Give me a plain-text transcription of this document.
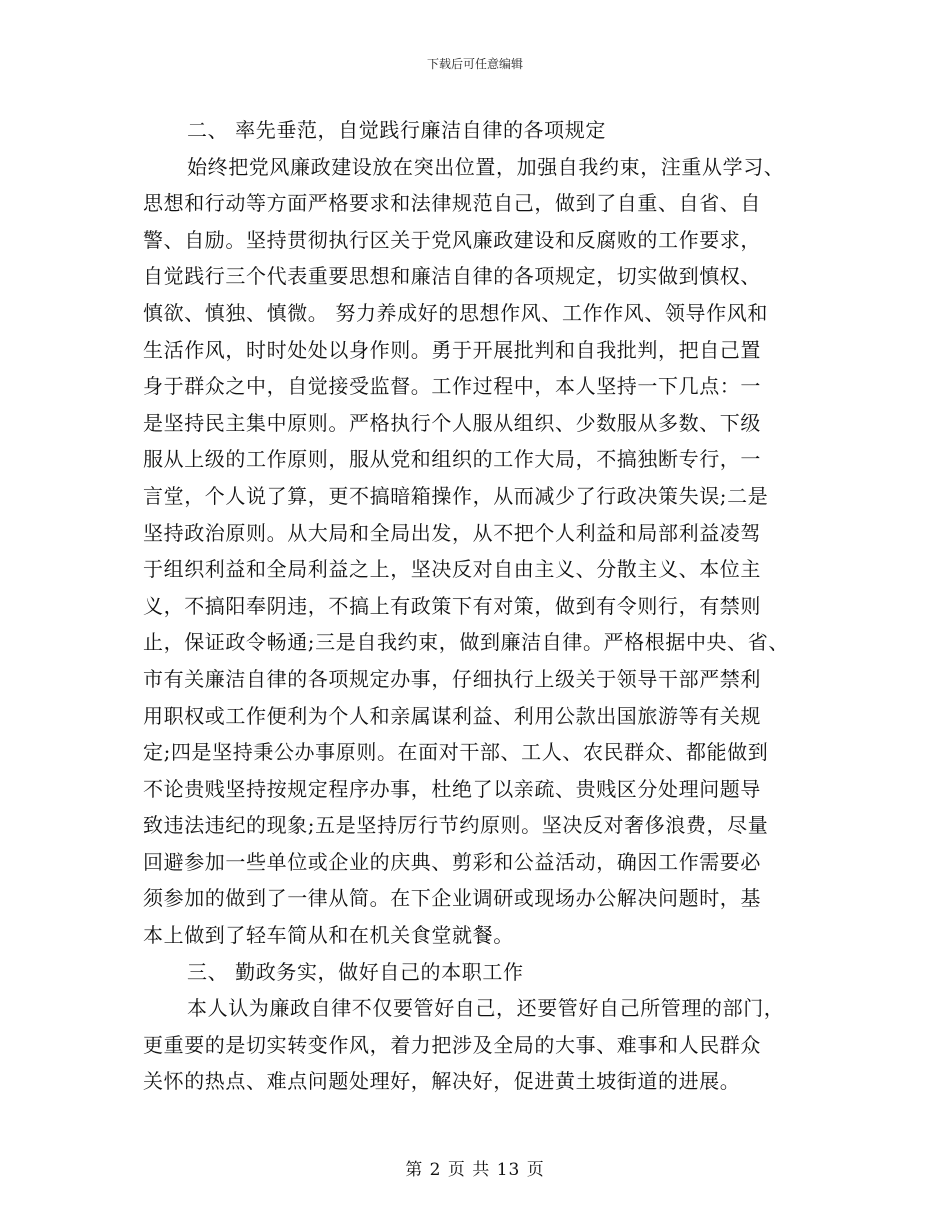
下载后可任意编辑
二、 率先垂范，自觉践行廉洁自律的各项规定
始终把党风廉政建设放在突出位置，加强自我约束，注重从学习、
思想和行动等方面严格要求和法律规范自己，做到了自重、自省、自
警、自励。坚持贯彻执行区关于党风廉政建设和反腐败的工作要求，
自觉践行三个代表重要思想和廉洁自律的各项规定，切实做到慎权、
慎欲、慎独、慎微。 努力养成好的思想作风、工作作风、领导作风和
生活作风，时时处处以身作则。勇于开展批判和自我批判，把自己置
身于群众之中，自觉接受监督。工作过程中，本人坚持一下几点：一
是坚持民主集中原则。严格执行个人服从组织、少数服从多数、下级
服从上级的工作原则，服从党和组织的工作大局，不搞独断专行，一
言堂，个人说了算，更不搞暗箱操作，从而减少了行政决策失误;二是
坚持政治原则。从大局和全局出发，从不把个人利益和局部利益凌驾
于组织利益和全局利益之上，坚决反对自由主义、分散主义、本位主
义，不搞阳奉阴违，不搞上有政策下有对策，做到有令则行，有禁则
止，保证政令畅通;三是自我约束，做到廉洁自律。严格根据中央、省、
市有关廉洁自律的各项规定办事，仔细执行上级关于领导干部严禁利
用职权或工作便利为个人和亲属谋利益、利用公款出国旅游等有关规
定;四是坚持秉公办事原则。在面对干部、工人、农民群众、都能做到
不论贵贱坚持按规定程序办事，杜绝了以亲疏、贵贱区分处理问题导
致违法违纪的现象;五是坚持厉行节约原则。坚决反对奢侈浪费，尽量
回避参加一些单位或企业的庆典、剪彩和公益活动，确因工作需要必
须参加的做到了一律从简。在下企业调研或现场办公解决问题时，基
本上做到了轻车简从和在机关食堂就餐。
三、 勤政务实，做好自己的本职工作
本人认为廉政自律不仅要管好自己，还要管好自己所管理的部门，
更重要的是切实转变作风，着力把涉及全局的大事、难事和人民群众
关怀的热点、难点问题处理好，解决好，促进黄土坡街道的进展。
第 2 页 共 13 页
